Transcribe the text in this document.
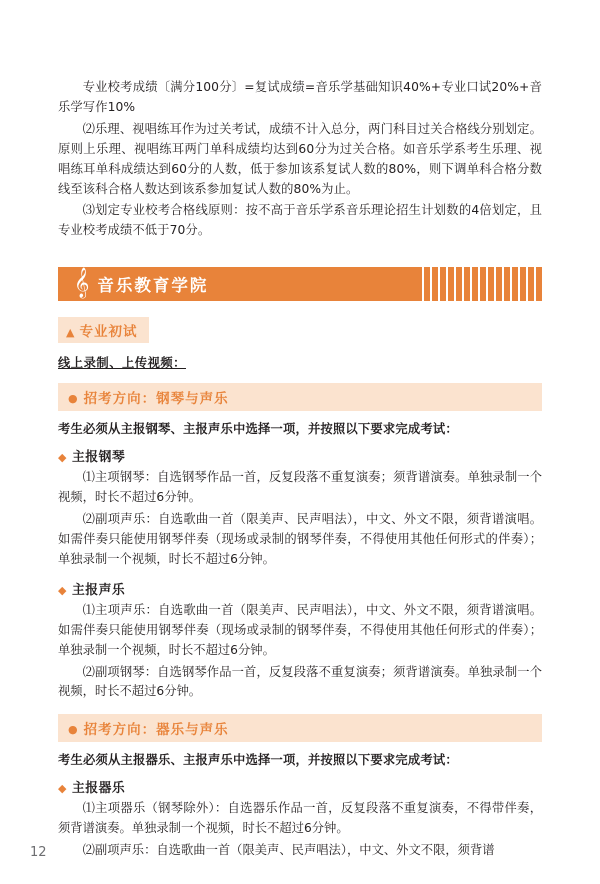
专业校考成绩〔满分100分〕=复试成绩=音乐学基础知识40%+专业口试20%+音乐学写作10%

⑵乐理、视唱练耳作为过关考试，成绩不计入总分，两门科目过关合格线分别划定。原则上乐理、视唱练耳两门单科成绩均达到60分为过关合格。如音乐学系考生乐理、视唱练耳单科成绩达到60分的人数，低于参加该系复试人数的80%，则下调单科合格分数线至该科合格人数达到该系参加复试人数的80%为止。

⑶划定专业校考合格线原则：按不高于音乐学系音乐理论招生计划数的4倍划定，且专业校考成绩不低于70分。

𝄞 音乐教育学院
▲ 专业初试
线上录制、上传视频：
● 招考方向：钢琴与声乐
考生必须从主报钢琴、主报声乐中选择一项，并按照以下要求完成考试：
◆ 主报钢琴

⑴主项钢琴：自选钢琴作品一首，反复段落不重复演奏；须背谱演奏。单独录制一个视频，时长不超过6分钟。

⑵副项声乐：自选歌曲一首（限美声、民声唱法），中文、外文不限，须背谱演唱。如需伴奏只能使用钢琴伴奏（现场或录制的钢琴伴奏，不得使用其他任何形式的伴奏）；单独录制一个视频，时长不超过6分钟。

◆ 主报声乐

⑴主项声乐：自选歌曲一首（限美声、民声唱法），中文、外文不限，须背谱演唱。如需伴奏只能使用钢琴伴奏（现场或录制的钢琴伴奏，不得使用其他任何形式的伴奏）；单独录制一个视频，时长不超过6分钟。

⑵副项钢琴：自选钢琴作品一首，反复段落不重复演奏；须背谱演奏。单独录制一个视频，时长不超过6分钟。

● 招考方向：器乐与声乐
考生必须从主报器乐、主报声乐中选择一项，并按照以下要求完成考试：
◆ 主报器乐

⑴主项器乐（钢琴除外）：自选器乐作品一首，反复段落不重复演奏，不得带伴奏，须背谱演奏。单独录制一个视频，时长不超过6分钟。

⑵副项声乐：自选歌曲一首（限美声、民声唱法），中文、外文不限，须背谱

12
